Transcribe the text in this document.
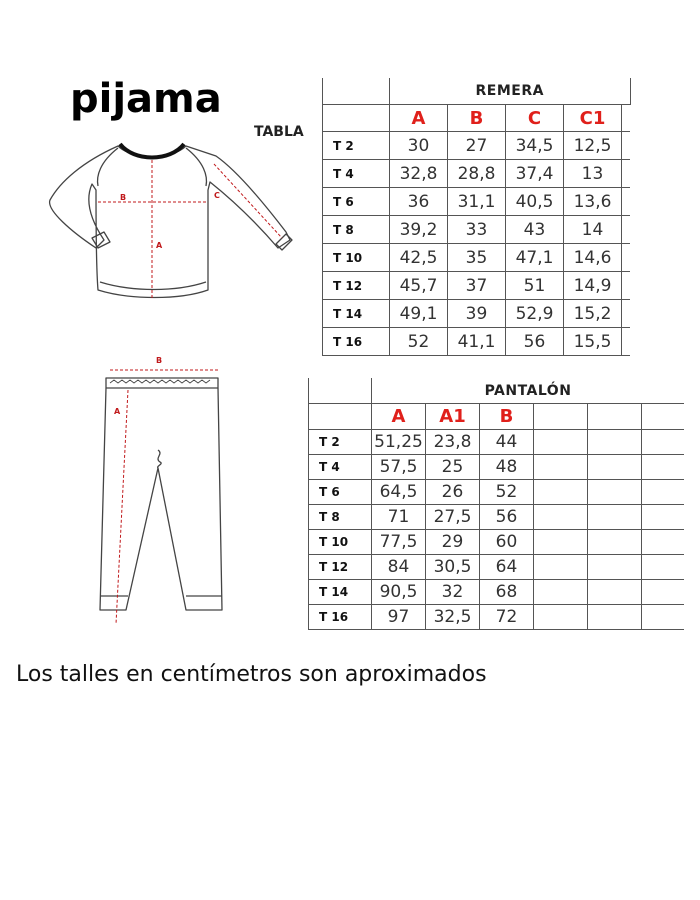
pijama
TABLA
A
B	C
B
A
	REMERA				
	A	B	C	C1	
T 2	30	27	34,5	12,5	
T 4	32,8	28,8	37,4	13	
T 6	36	31,1	40,5	13,6	
T 8	39,2	33	43	14	
T 10	42,5	35	47,1	14,6	
T 12	45,7	37	51	14,9	
T 14	49,1	39	52,9	15,2	
T 16	52	41,1	56	15,5	
	PANTALÓN					
	A	A1	B			
T 2	51,25	23,8	44			
T 4	57,5	25	48			
T 6	64,5	26	52			
T 8	71	27,5	56			
T 10	77,5	29	60			
T 12	84	30,5	64			
T 14	90,5	32	68			
T 16	97	32,5	72			
Los talles en centímetros son aproximados
